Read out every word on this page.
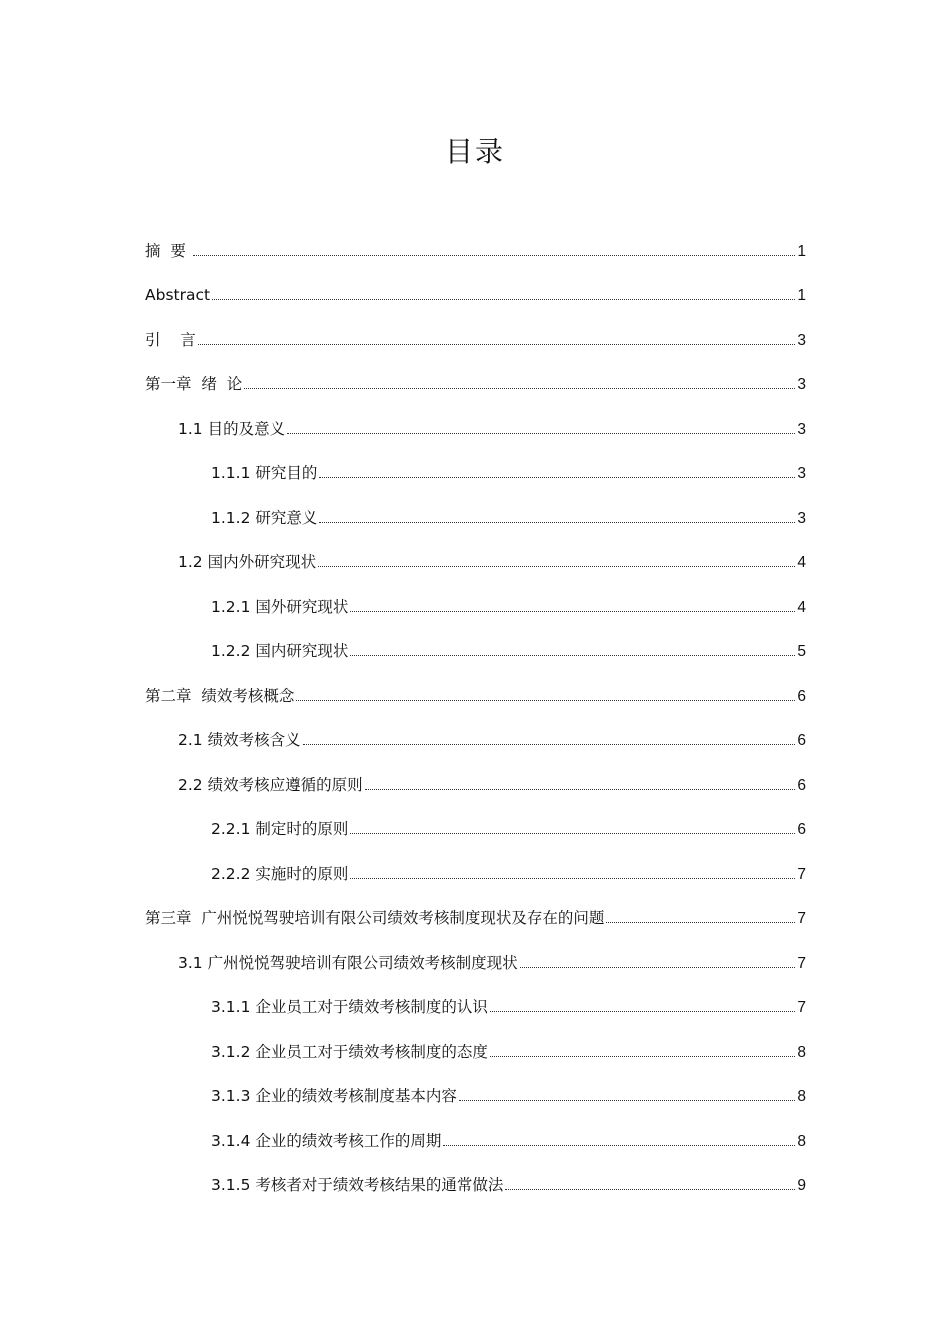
目录
摘  要	1
Abstract	1
引    言	3
第一章  绪  论	3
1.1 目的及意义	3
1.1.1 研究目的	3
1.1.2 研究意义	3
1.2 国内外研究现状	4
1.2.1 国外研究现状	4
1.2.2 国内研究现状	5
第二章  绩效考核概念	6
2.1 绩效考核含义	6
2.2 绩效考核应遵循的原则	6
2.2.1 制定时的原则	6
2.2.2 实施时的原则	7
第三章  广州悦悦驾驶培训有限公司绩效考核制度现状及存在的问题	7
3.1 广州悦悦驾驶培训有限公司绩效考核制度现状	7
3.1.1 企业员工对于绩效考核制度的认识	7
3.1.2 企业员工对于绩效考核制度的态度	8
3.1.3 企业的绩效考核制度基本内容	8
3.1.4 企业的绩效考核工作的周期	8
3.1.5 考核者对于绩效考核结果的通常做法	9
